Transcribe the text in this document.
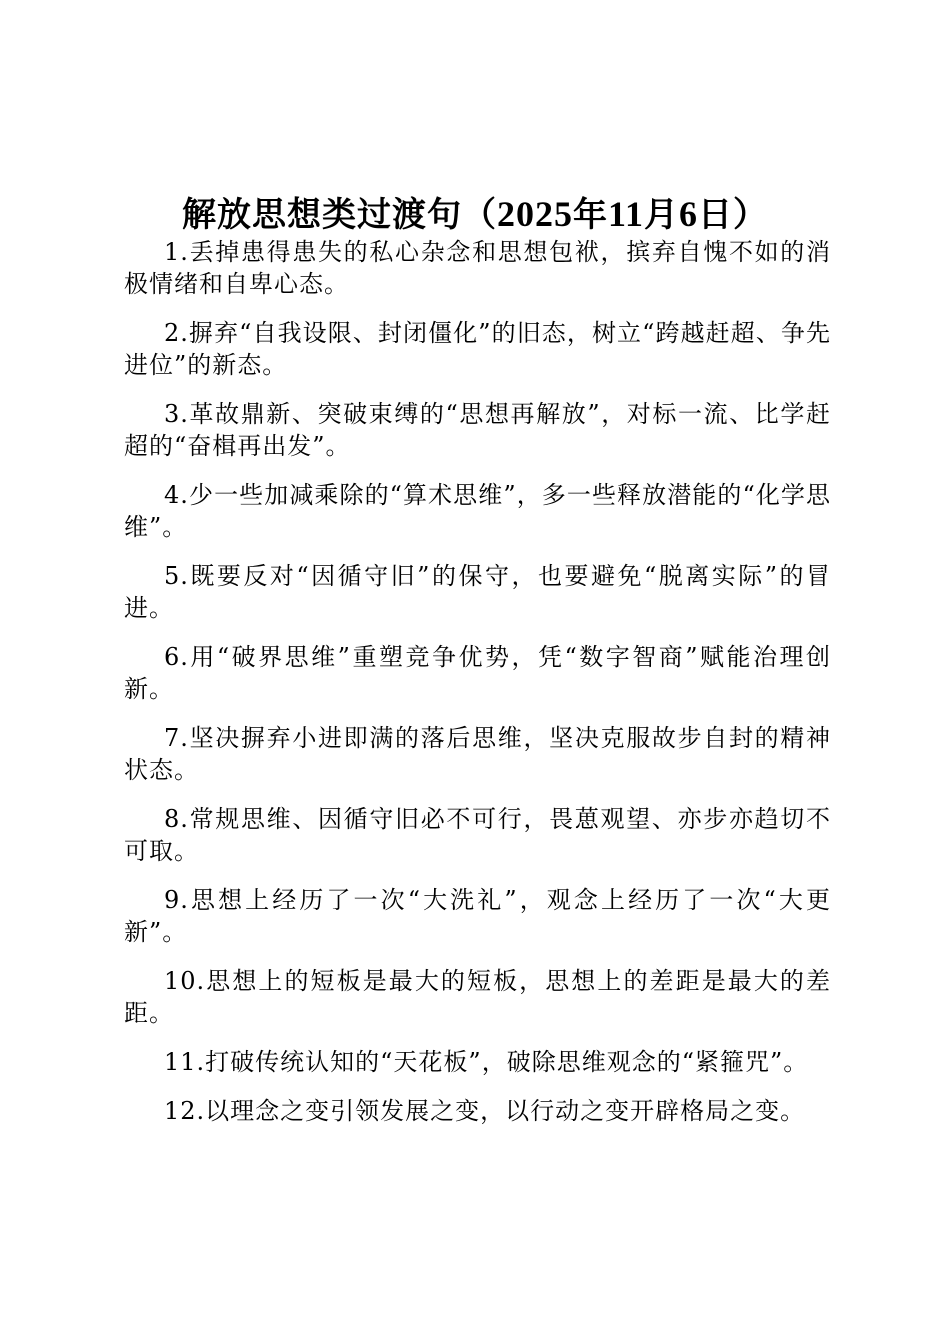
解放思想类过渡句（2025年11月6日）
1.丢掉患得患失的私心杂念和思想包袱，摈弃自愧不如的消极情绪和自卑心态。
2.摒弃“自我设限、封闭僵化”的旧态，树立“跨越赶超、争先进位”的新态。
3.革故鼎新、突破束缚的“思想再解放”，对标一流、比学赶超的“奋楫再出发”。
4.少一些加减乘除的“算术思维”，多一些释放潜能的“化学思维”。
5.既要反对“因循守旧”的保守，也要避免“脱离实际”的冒进。
6.用“破界思维”重塑竞争优势，凭“数字智商”赋能治理创新。
7.坚决摒弃小进即满的落后思维，坚决克服故步自封的精神状态。
8.常规思维、因循守旧必不可行，畏葸观望、亦步亦趋切不可取。
9.思想上经历了一次“大洗礼”，观念上经历了一次“大更新”。
10.思想上的短板是最大的短板，思想上的差距是最大的差距。
11.打破传统认知的“天花板”，破除思维观念的“紧箍咒”。
12.以理念之变引领发展之变，以行动之变开辟格局之变。
